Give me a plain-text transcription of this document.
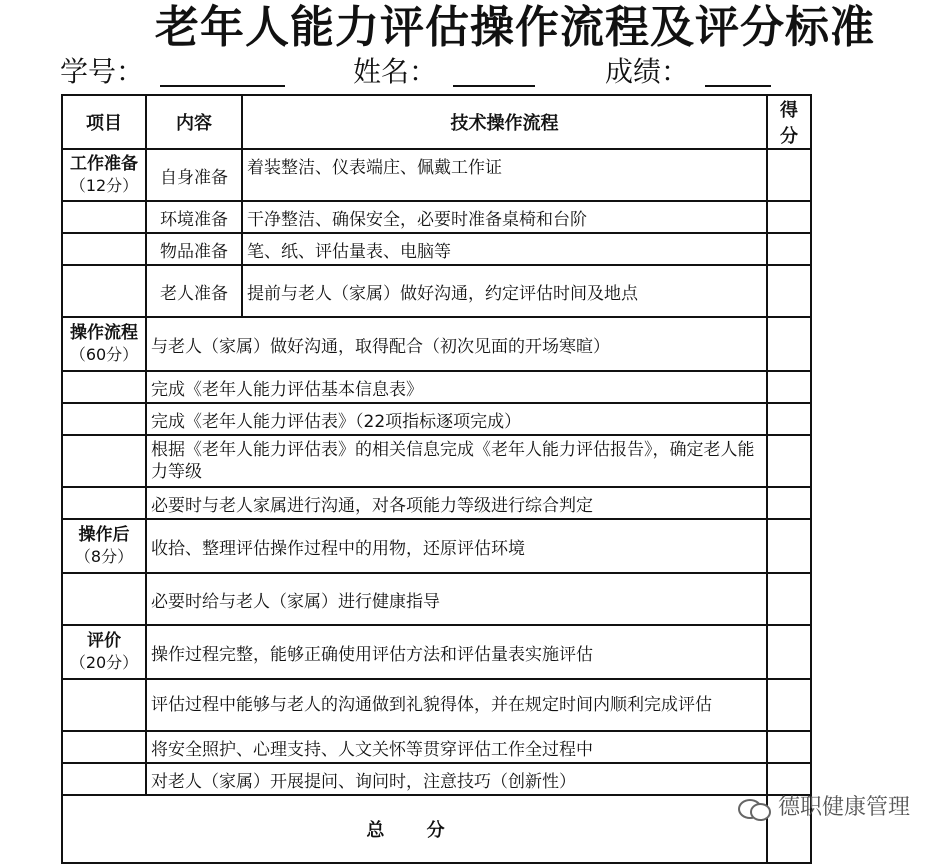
老年人能力评估操作流程及评分标准
学号：	姓名：	成绩：
项目	内容	技术操作流程	得分
工作准备
（12分）	自身准备	着装整洁、仪表端庄、佩戴工作证	
	环境准备	干净整洁、确保安全，必要时准备桌椅和台阶	
	物品准备	笔、纸、评估量表、电脑等	
	老人准备	提前与老人（家属）做好沟通，约定评估时间及地点	
操作流程
（60分）	与老人（家属）做好沟通，取得配合（初次见面的开场寒暄）		
	完成《老年人能力评估基本信息表》		
	完成《老年人能力评估表》（22项指标逐项完成）		
	根据《老年人能力评估表》的相关信息完成《老年人能力评估报告》，确定老人能力等级		
	必要时与老人家属进行沟通，对各项能力等级进行综合判定		
操作后
（8分）	收拾、整理评估操作过程中的用物，还原评估环境		
	必要时给与老人（家属）进行健康指导		
评价
（20分）	操作过程完整，能够正确使用评估方法和评估量表实施评估		
	评估过程中能够与老人的沟通做到礼貌得体，并在规定时间内顺利完成评估		
	将安全照护、心理支持、人文关怀等贯穿评估工作全过程中		
	对老人（家属）开展提问、询问时，注意技巧（创新性）		
总 分			
德职健康管理
